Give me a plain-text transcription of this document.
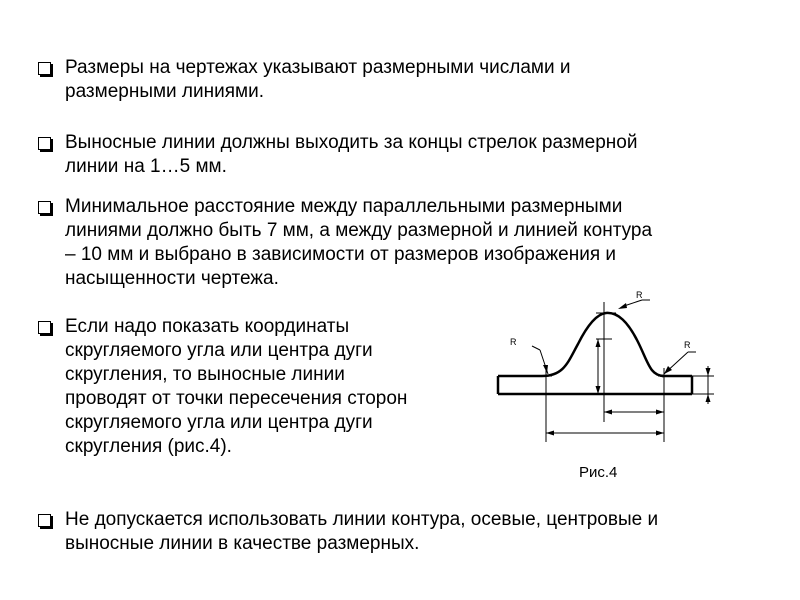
Размеры на чертежах указывают размерными числами и
размерными линиями.
Выносные линии должны выходить за концы стрелок размерной
линии на 1…5 мм.
Минимальное расстояние между параллельными размерными
линиями должно быть 7 мм, а между размерной и линией контура
– 10 мм и выбрано в зависимости от размеров изображения и
насыщенности чертежа.
Если надо показать координаты
скругляемого угла или центра дуги
скругления, то выносные линии
проводят от точки пересечения сторон
скругляемого угла или центра дуги
скругления (рис.4).
R
R	R
Рис.4
Не допускается использовать линии контура, осевые, центровые и
выносные линии в качестве размерных.
